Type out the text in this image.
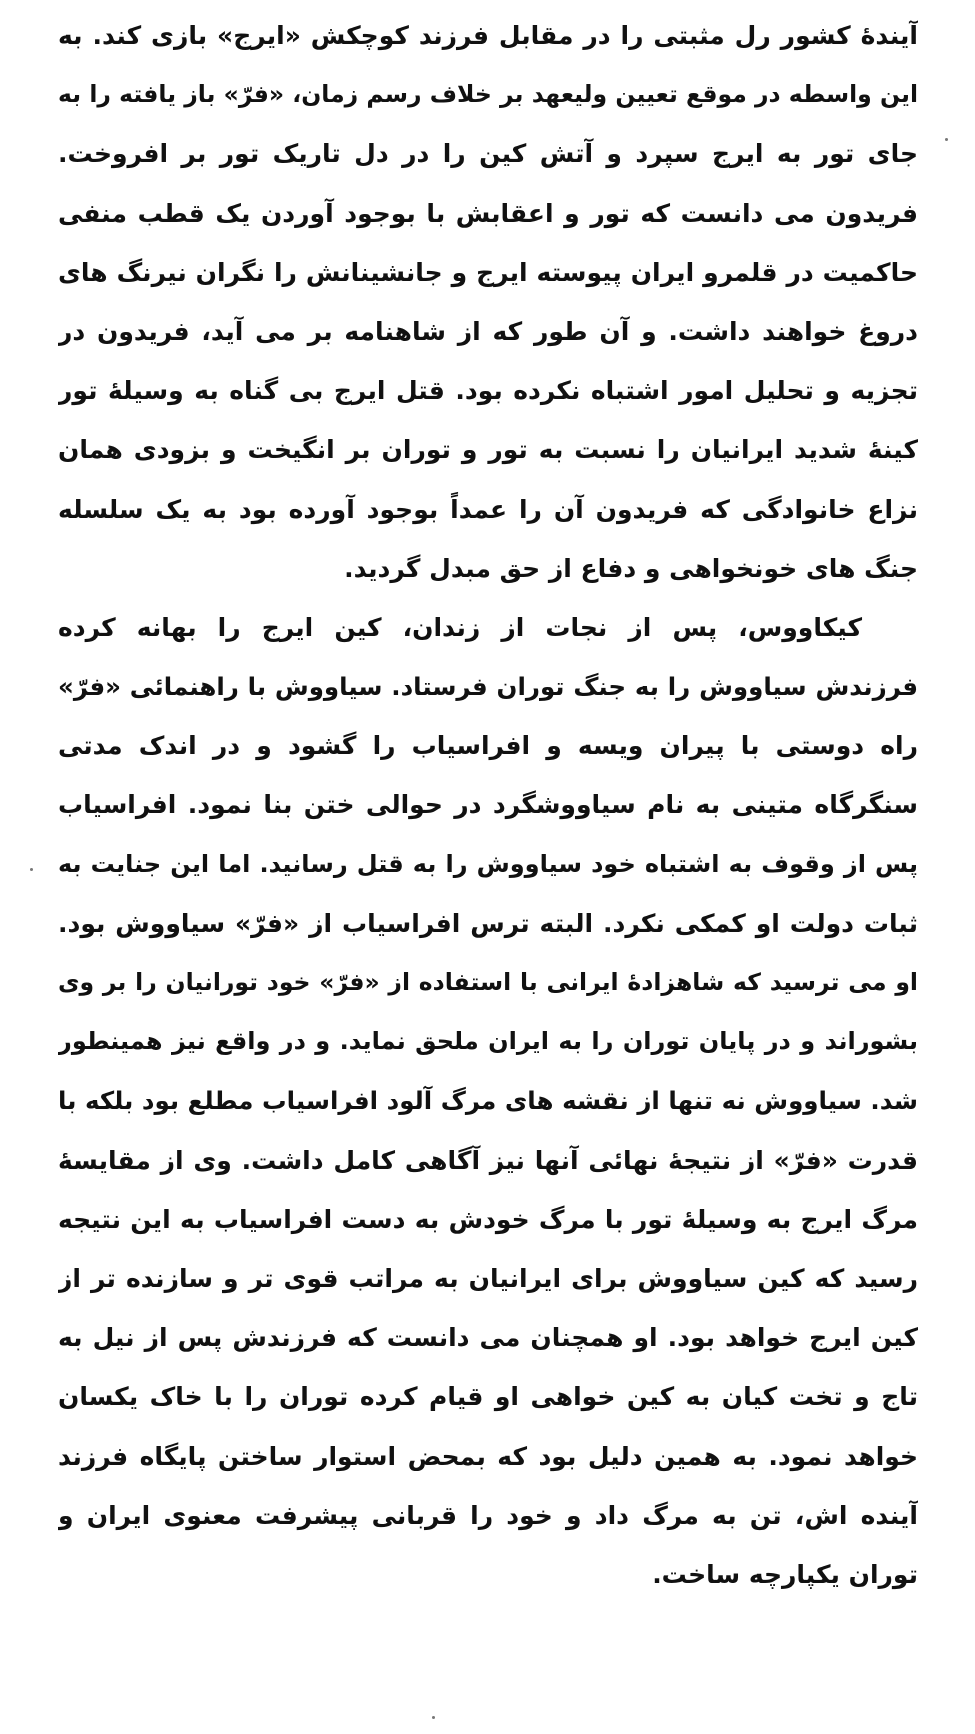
آیندهٔ کشور رل مثبتی را در مقابل فرزند کوچکش «ایرج» بازی کند. به
این واسطه در موقع تعیین ولیعهد بر خلاف رسم زمان، «فرّ» باز یافته را به
جای تور به ایرج سپرد و آتش کین را در دل تاریک تور بر افروخت.
فریدون می دانست که تور و اعقابش با بوجود آوردن یک قطب منفی
حاکمیت در قلمرو ایران پیوسته ایرج و جانشینانش را نگران نیرنگ های
دروغ خواهند داشت. و آن طور که از شاهنامه بر می آید، فریدون در
تجزیه و تحلیل امور اشتباه نکرده بود. قتل ایرج بی گناه به وسیلهٔ تور
کینهٔ شدید ایرانیان را نسبت به تور و توران بر انگیخت و بزودی همان
نزاع خانوادگی که فریدون آن را عمداً بوجود آورده بود به یک سلسله
جنگ های خونخواهی و دفاع از حق مبدل گردید.
کیکاووس، پس از نجات از زندان، کین ایرج را بهانه کرده
فرزندش سیاووش را به جنگ توران فرستاد. سیاووش با راهنمائی «فرّ»
راه دوستی با پیران ویسه و افراسیاب را گشود و در اندک مدتی
سنگرگاه متینی به نام سیاووشگرد در حوالی ختن بنا نمود. افراسیاب
پس از وقوف به اشتباه خود سیاووش را به قتل رسانید. اما این جنایت به
ثبات دولت او کمکی نکرد. البته ترس افراسیاب از «فرّ» سیاووش بود.
او می ترسید که شاهزادهٔ ایرانی با استفاده از «فرّ» خود تورانیان را بر وی
بشوراند و در پایان توران را به ایران ملحق نماید. و در واقع نیز همینطور
شد. سیاووش نه تنها از نقشه های مرگ آلود افراسیاب مطلع بود بلکه با
قدرت «فرّ» از نتیجهٔ نهائی آنها نیز آگاهی کامل داشت. وی از مقایسهٔ
مرگ ایرج به وسیلهٔ تور با مرگ خودش به دست افراسیاب به این نتیجه
رسید که کین سیاووش برای ایرانیان به مراتب قوی تر و سازنده تر از
کین ایرج خواهد بود. او همچنان می دانست که فرزندش پس از نیل به
تاج و تخت کیان به کین خواهی او قیام کرده توران را با خاک یکسان
خواهد نمود. به همین دلیل بود که بمحض استوار ساختن پایگاه فرزند
آینده اش، تن به مرگ داد و خود را قربانی پیشرفت معنوی ایران و
توران یکپارچه ساخت.
